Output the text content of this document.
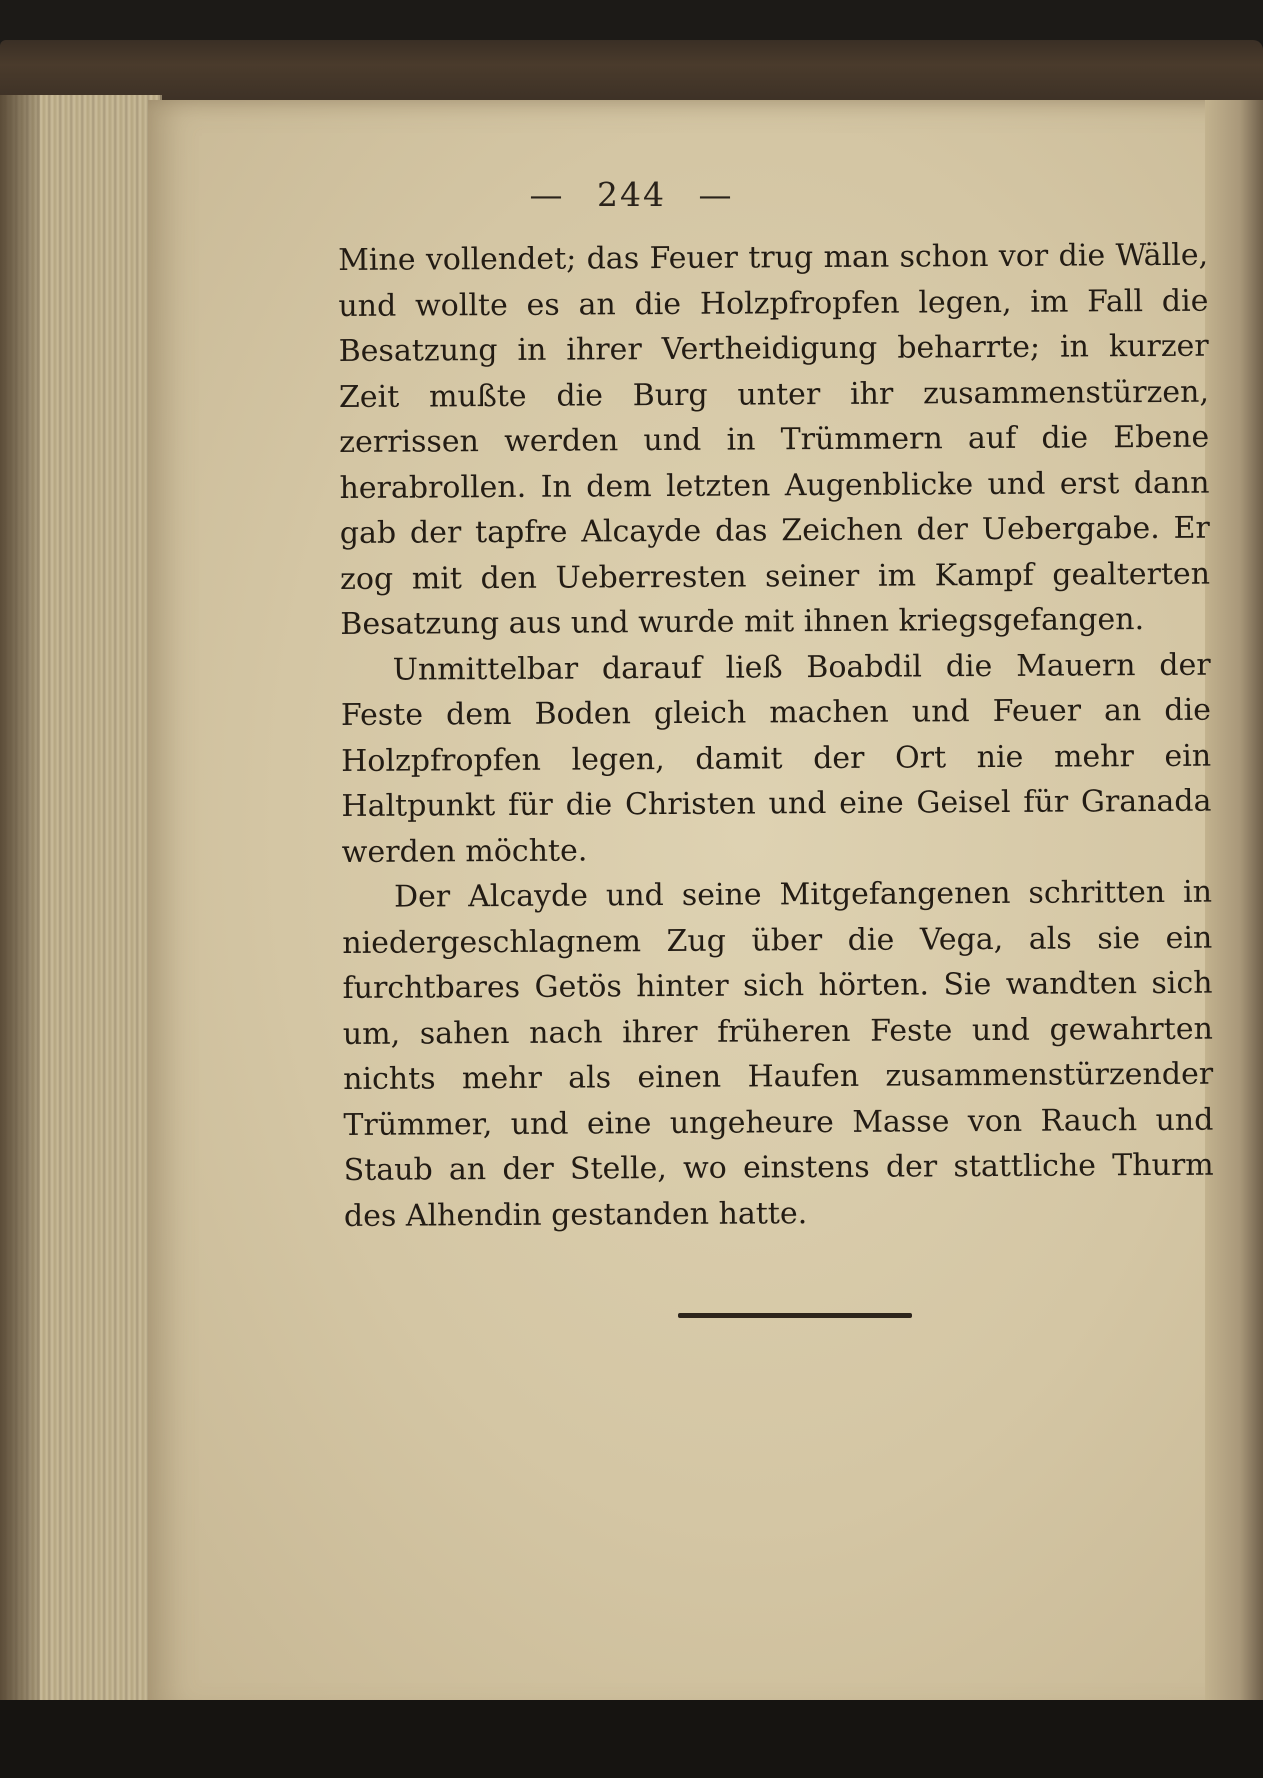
— 244 —

Mine vollendet; das Feuer trug man schon vor die Wälle, und wollte es an die Holzpfropfen legen, im Fall die Besatzung in ihrer Vertheidigung beharrte; in kurzer Zeit mußte die Burg unter ihr zusammenstürzen, zerrissen werden und in Trümmern auf die Ebene herabrollen. In dem letzten Augenblicke und erst dann gab der tapfre Alcayde das Zeichen der Uebergabe. Er zog mit den Ueberresten seiner im Kampf gealterten Besatzung aus und wurde mit ihnen kriegsgefangen.

Unmittelbar darauf ließ Boabdil die Mauern der Feste dem Boden gleich machen und Feuer an die Holzpfropfen legen, damit der Ort nie mehr ein Haltpunkt für die Christen und eine Geisel für Granada werden möchte.

Der Alcayde und seine Mitgefangenen schritten in niedergeschlagnem Zug über die Vega, als sie ein furchtbares Getös hinter sich hörten. Sie wandten sich um, sahen nach ihrer früheren Feste und gewahrten nichts mehr als einen Haufen zusammenstürzender Trümmer, und eine ungeheure Masse von Rauch und Staub an der Stelle, wo einstens der stattliche Thurm des Alhendin gestanden hatte.
